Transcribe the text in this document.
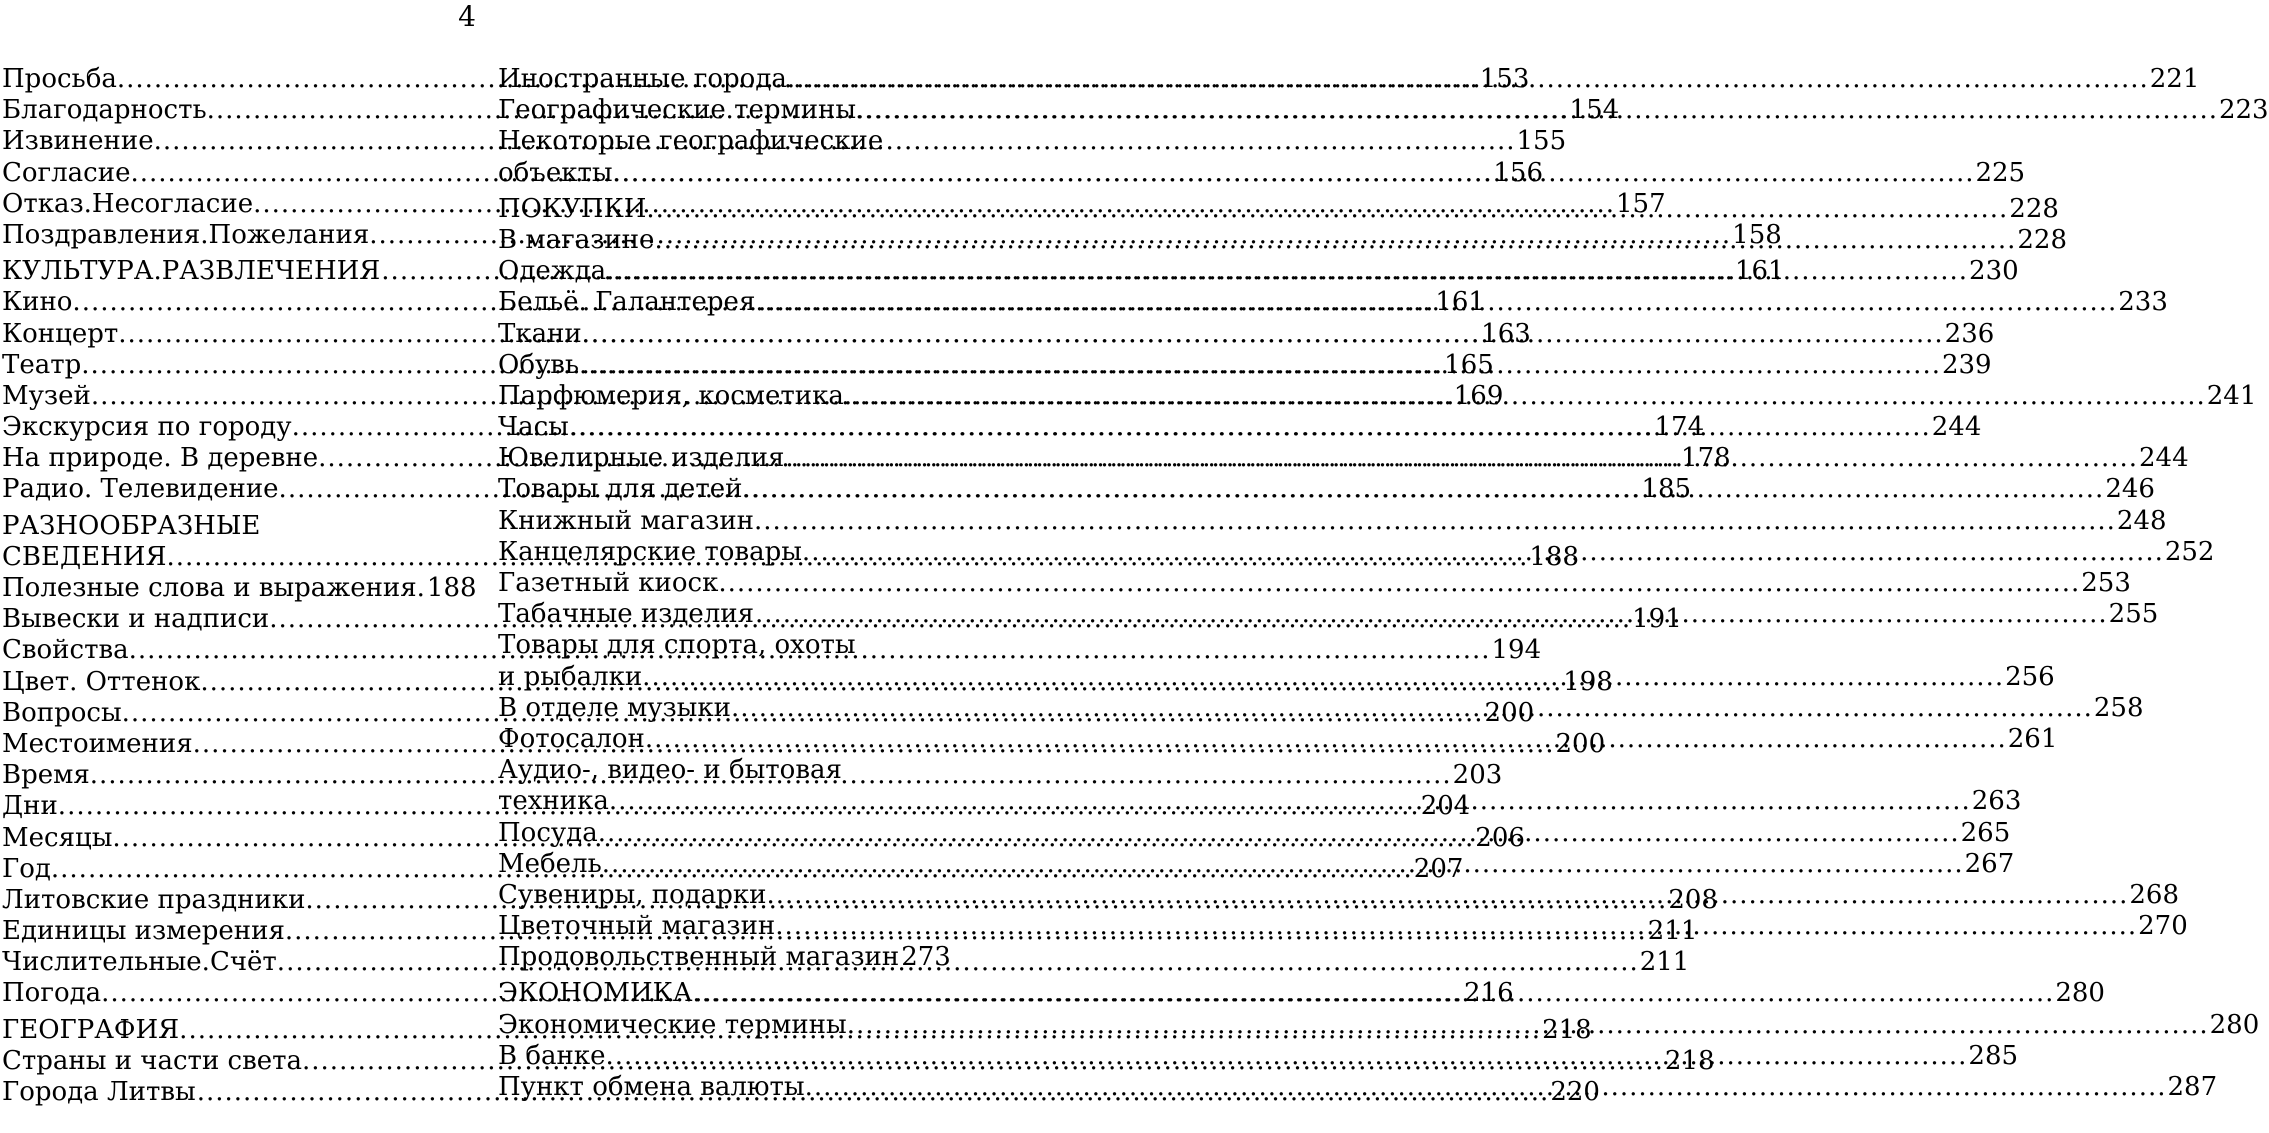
4
Просьба. .....	153
Благодарность. .....	154
Извинение. .....	155
Согласие. .....	156
Отказ.Несогласие. .....	157
Поздравления.Пожелания. .....	158
КУЛЬТУРА.РАЗВЛЕЧЕНИЯ .....	161
Кино. .....	161
Концерт. .....	163
Театр. .....	165
Музей. .....	169
Экскурсия по городу. .....	174
На природе. В деревне. .....	178
Радио. Телевидение. .....	185
РАЗНООБРАЗНЫЕ
СВЕДЕНИЯ. .....	188
Полезные слова и выражения. 188
Вывески и надписи. .....	191
Свойства. .....	194
Цвет. Оттенок. .....	198
Вопросы. .....	200
Местоимения. .....	200
Время. .....	203
Дни. .....	204
Месяцы. .....	206
Год. .....	207
Литовские праздники. .....	208
Единицы измерения. .....	211
Числительные.Счёт. .....	211
Погода. .....	216
ГЕОГРАФИЯ. .....	218
Страны и части света. .....	218
Города Литвы .....	220
Иностранные города. .....	221
Географические термины. .....	223
Некоторые географические
объекты. .....	225
ПОКУПКИ. .....	228
В магазине. .....	228
Одежда. .....	230
Бельё. Галантерея. .....	233
Ткани. .....	236
Обувь. .....	239
Парфюмерия, косметика. .....	241
Часы. .....	244
Ювелирные изделия .....	244
Товары для детей. .....	246
Книжный магазин. .....	248
Канцелярские товары. .....	252
Газетный киоск. .....	253
Табачные изделия .....	255
Товары для спорта, охоты
и рыбалки. .....	256
В отделе музыки. .....	258
Фотосалон. .....	261
Аудио-, видео- и бытовая
техника. .....	263
Посуда. .....	265
Мебель. .....	267
Сувениры, подарки. .....	268
Цветочный магазин. .....	270
Продовольственный магазин 273
ЭКОНОМИКА. .....	280
Экономические термины. .....	280
В банке. .....	285
Пункт обмена валюты. .....	287
